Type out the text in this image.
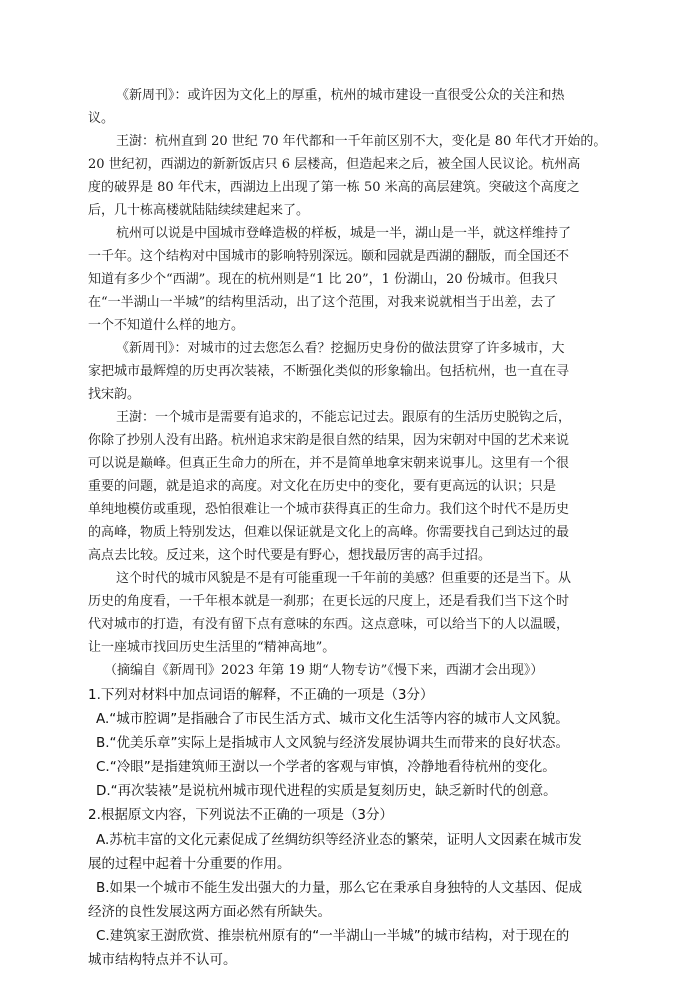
《新周刊》：或许因为文化上的厚重，杭州的城市建设一直很受公众的关注和热
议。
王澍：杭州直到 20 世纪 70 年代都和一千年前区别不大，变化是 80 年代才开始的。
20 世纪初，西湖边的新新饭店只 6 层楼高，但造起来之后，被全国人民议论。杭州高
度的破界是 80 年代末，西湖边上出现了第一栋 50 米高的高层建筑。突破这个高度之
后，几十栋高楼就陆陆续续建起来了。
杭州可以说是中国城市登峰造极的样板，城是一半，湖山是一半，就这样维持了
一千年。这个结构对中国城市的影响特别深远。颐和园就是西湖的翻版，而全国还不
知道有多少个“西湖”。现在的杭州则是“1 比 20”，1 份湖山，20 份城市。但我只
在“一半湖山一半城”的结构里活动，出了这个范围，对我来说就相当于出差，去了
一个不知道什么样的地方。
《新周刊》：对城市的过去您怎么看？挖掘历史身份的做法贯穿了许多城市，大
家把城市最辉煌的历史再次装裱，不断强化类似的形象输出。包括杭州，也一直在寻
找宋韵。
王澍：一个城市是需要有追求的，不能忘记过去。跟原有的生活历史脱钩之后，
你除了抄别人没有出路。杭州追求宋韵是很自然的结果，因为宋朝对中国的艺术来说
可以说是巅峰。但真正生命力的所在，并不是简单地拿宋朝来说事儿。这里有一个很
重要的问题，就是追求的高度。对文化在历史中的变化，要有更高远的认识；只是
单纯地模仿或重现，恐怕很难让一个城市获得真正的生命力。我们这个时代不是历史
的高峰，物质上特别发达，但难以保证就是文化上的高峰。你需要找自己到达过的最
高点去比较。反过来，这个时代要是有野心，想找最厉害的高手过招。
这个时代的城市风貌是不是有可能重现一千年前的美感？但重要的还是当下。从
历史的角度看，一千年根本就是一刹那；在更长远的尺度上，还是看我们当下这个时
代对城市的打造，有没有留下点有意味的东西。这点意味，可以给当下的人以温暖，
让一座城市找回历史生活里的“精神高地”。
（摘编自《新周刊》2023 年第 19 期“人物专访”《慢下来，西湖才会出现》）
1.下列对材料中加点词语的解释，不正确的一项是（3分）
A.“城市腔调”是指融合了市民生活方式、城市文化生活等内容的城市人文风貌。
B.“优美乐章”实际上是指城市人文风貌与经济发展协调共生而带来的良好状态。
C.“冷眼”是指建筑师王澍以一个学者的客观与审慎，冷静地看待杭州的变化。
D.“再次装裱”是说杭州城市现代进程的实质是复刻历史，缺乏新时代的创意。
2.根据原文内容，下列说法不正确的一项是（3分）
A.苏杭丰富的文化元素促成了丝绸纺织等经济业态的繁荣，证明人文因素在城市发
展的过程中起着十分重要的作用。
B.如果一个城市不能生发出强大的力量，那么它在秉承自身独特的人文基因、促成
经济的良性发展这两方面必然有所缺失。
C.建筑家王澍欣赏、推崇杭州原有的“一半湖山一半城”的城市结构，对于现在的
城市结构特点并不认可。
